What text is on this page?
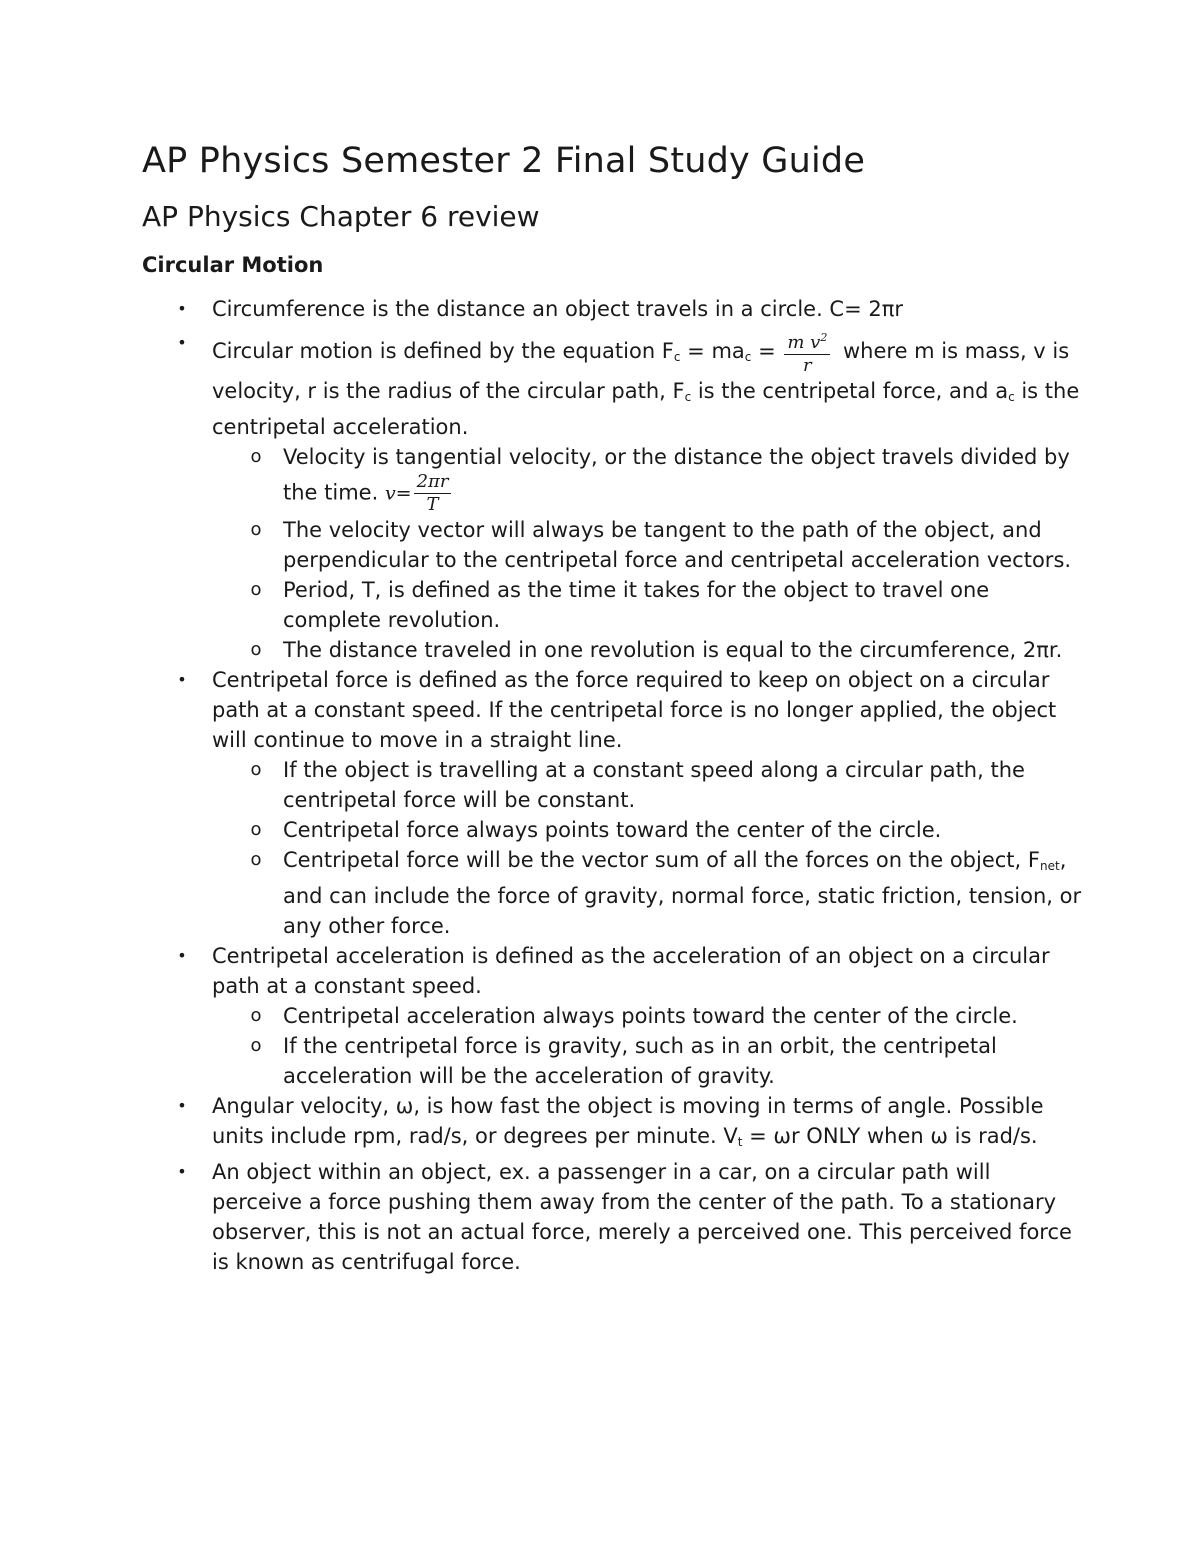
AP Physics Semester 2 Final Study Guide
AP Physics Chapter 6 review
Circular Motion
• Circumference is the distance an object travels in a circle. C= 2πr
• Circular motion is defined by the equation $F_c = ma_c = \frac{m v^2}{r}$ where m is mass, v is velocity, r is the radius of the circular path, $F_c$ is the centripetal force, and $a_c$ is the centripetal acceleration.
o Velocity is tangential velocity, or the distance the object travels divided by the time. $v= \frac{2\pi r}{T}$
o The velocity vector will always be tangent to the path of the object, and perpendicular to the centripetal force and centripetal acceleration vectors.
o Period, T, is defined as the time it takes for the object to travel one complete revolution.
o The distance traveled in one revolution is equal to the circumference, 2πr.
• Centripetal force is defined as the force required to keep on object on a circular path at a constant speed. If the centripetal force is no longer applied, the object will continue to move in a straight line.
o If the object is travelling at a constant speed along a circular path, the centripetal force will be constant.
o Centripetal force always points toward the center of the circle.
o Centripetal force will be the vector sum of all the forces on the object, $F_{net}$, and can include the force of gravity, normal force, static friction, tension, or any other force.
• Centripetal acceleration is defined as the acceleration of an object on a circular path at a constant speed.
o Centripetal acceleration always points toward the center of the circle.
o If the centripetal force is gravity, such as in an orbit, the centripetal acceleration will be the acceleration of gravity.
• Angular velocity, ω, is how fast the object is moving in terms of angle. Possible units include rpm, rad/s, or degrees per minute. $V_t = \omega r$ ONLY when ω is rad/s.
• An object within an object, ex. a passenger in a car, on a circular path will perceive a force pushing them away from the center of the path. To a stationary observer, this is not an actual force, merely a perceived one. This perceived force is known as centrifugal force.
